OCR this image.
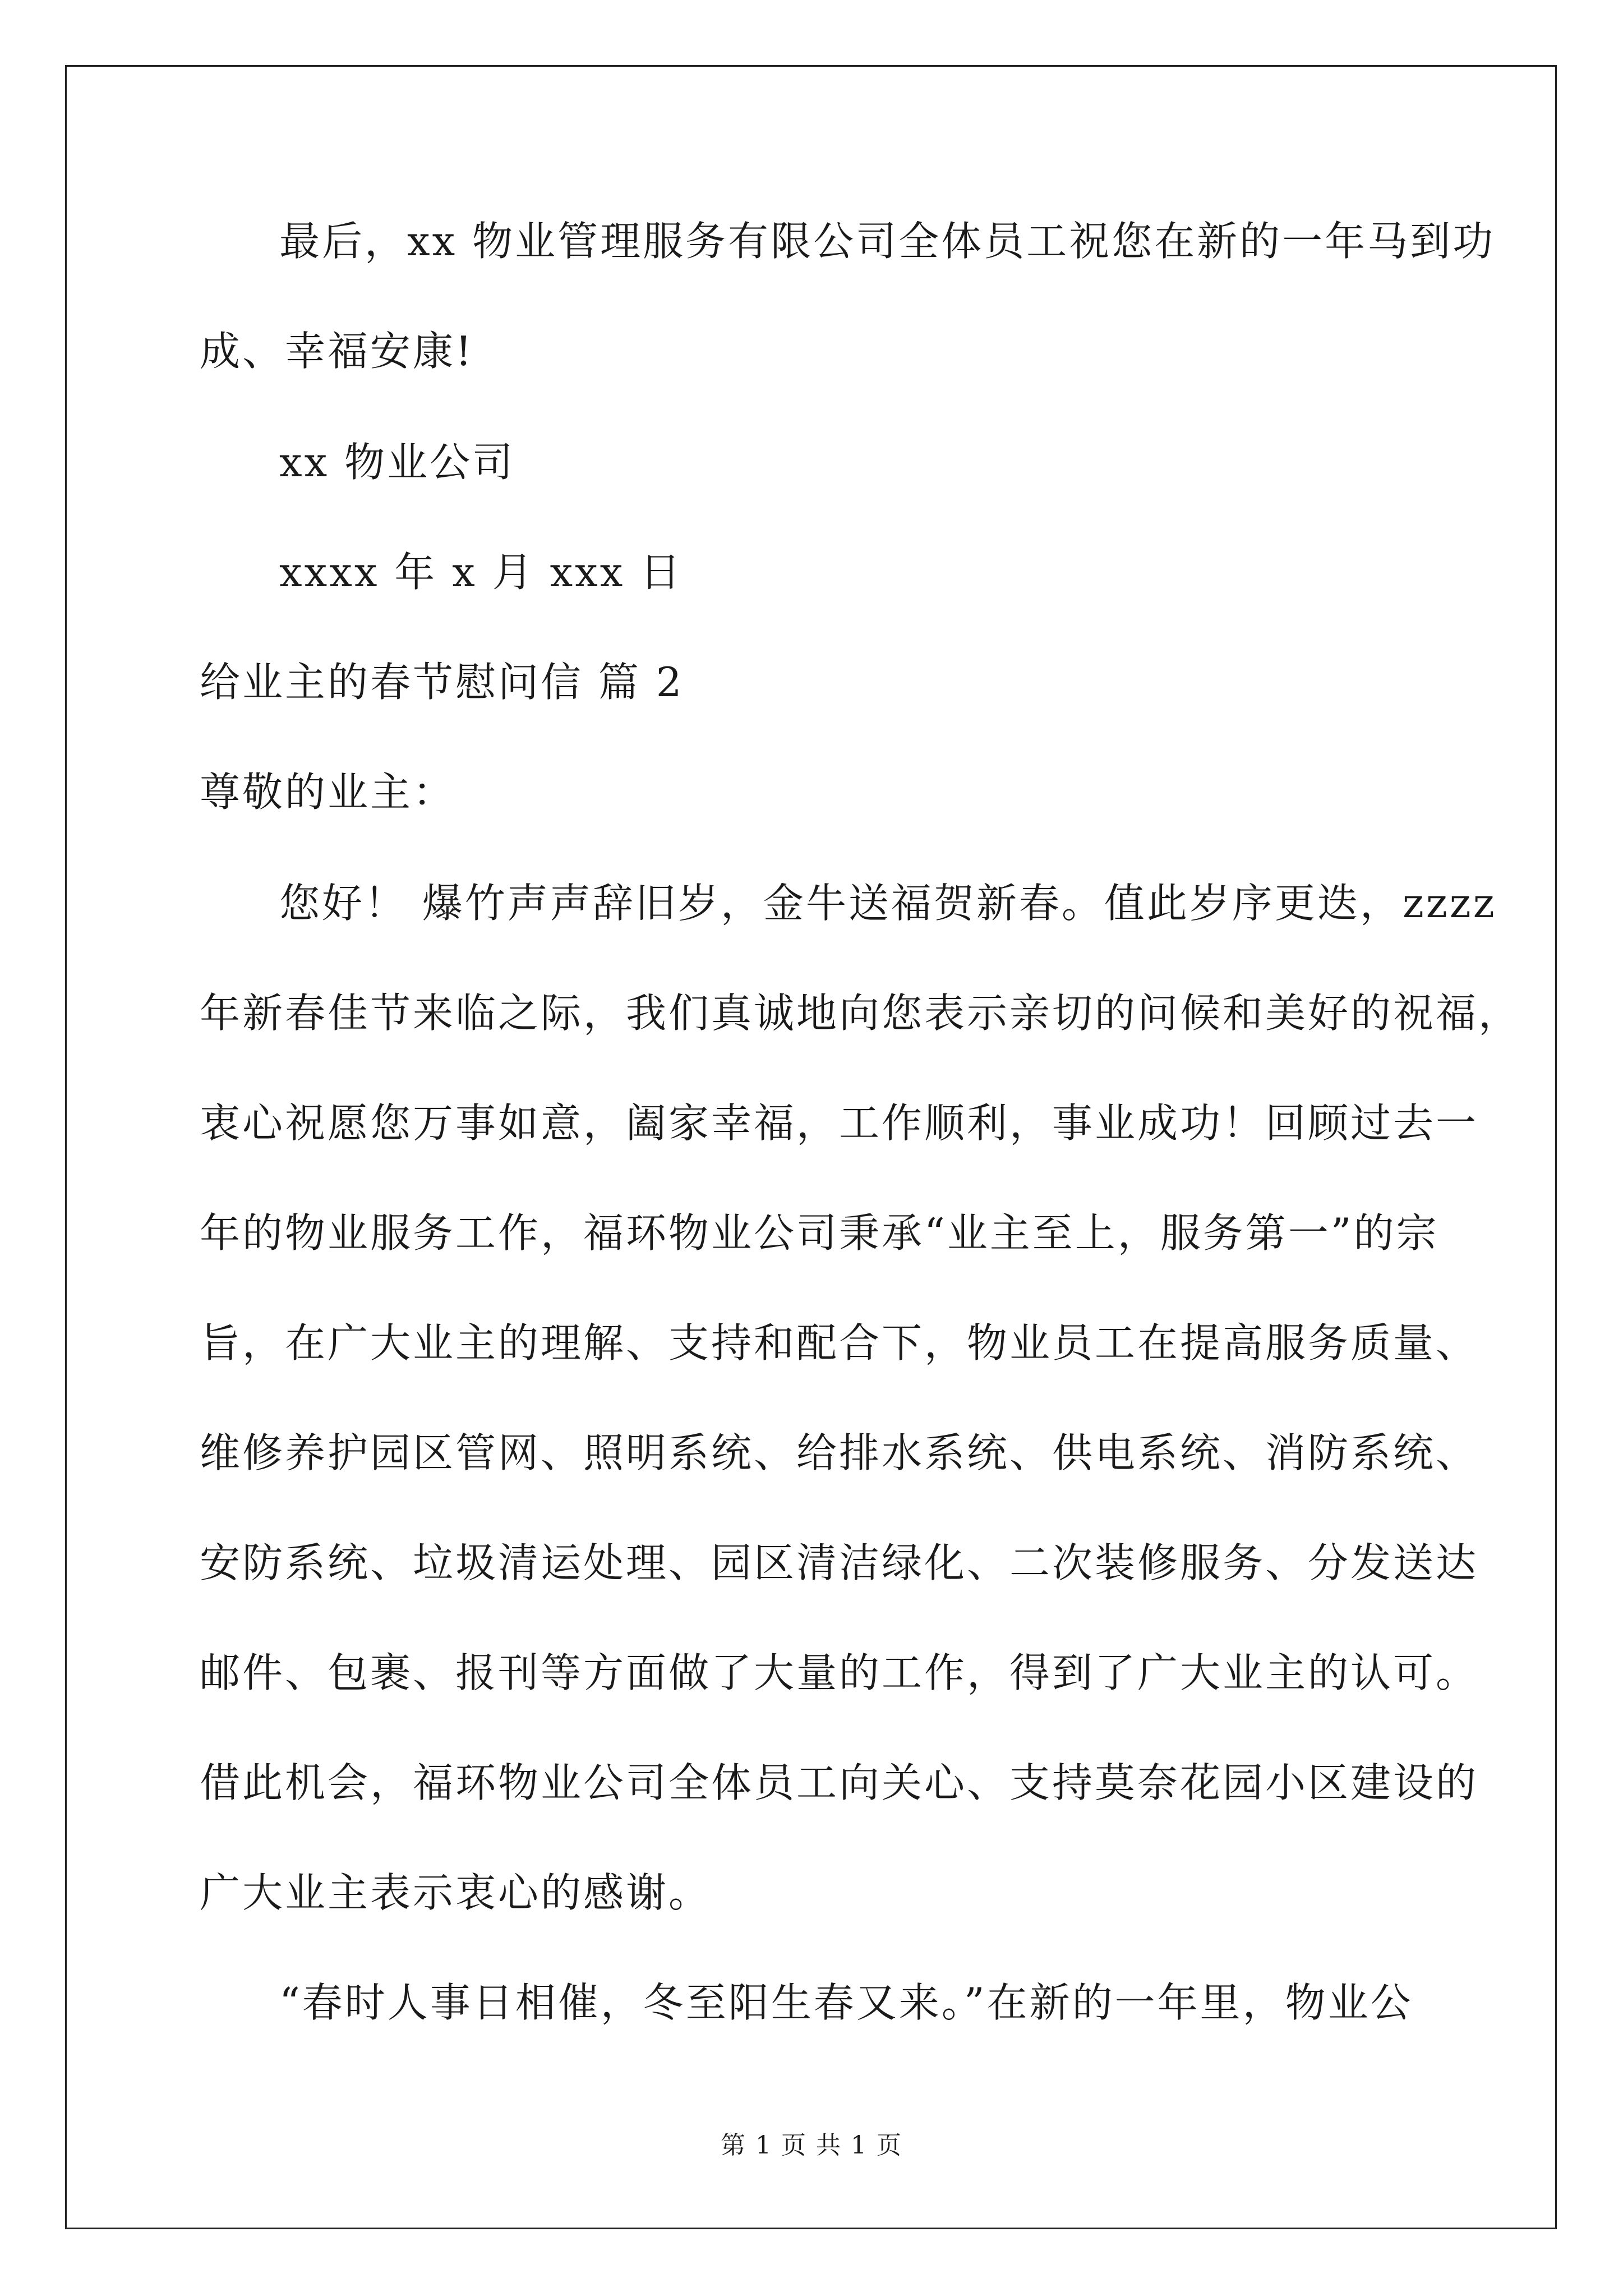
最后，xx 物业管理服务有限公司全体员工祝您在新的一年马到功
成、幸福安康!
xx 物业公司
xxxx 年 x 月 xxx 日
给业主的春节慰问信 篇 2
尊敬的业主：
您好！ 爆竹声声辞旧岁，金牛送福贺新春。值此岁序更迭，zzzz
年新春佳节来临之际，我们真诚地向您表示亲切的问候和美好的祝福，
衷心祝愿您万事如意，阖家幸福，工作顺利，事业成功！回顾过去一
年的物业服务工作，福环物业公司秉承“业主至上，服务第一”的宗
旨，在广大业主的理解、支持和配合下，物业员工在提高服务质量、
维修养护园区管网、照明系统、给排水系统、供电系统、消防系统、
安防系统、垃圾清运处理、园区清洁绿化、二次装修服务、分发送达
邮件、包裹、报刊等方面做了大量的工作，得到了广大业主的认可。
借此机会，福环物业公司全体员工向关心、支持莫奈花园小区建设的
广大业主表示衷心的感谢。
“春时人事日相催，冬至阳生春又来。”在新的一年里，物业公
第 1 页 共 1 页
